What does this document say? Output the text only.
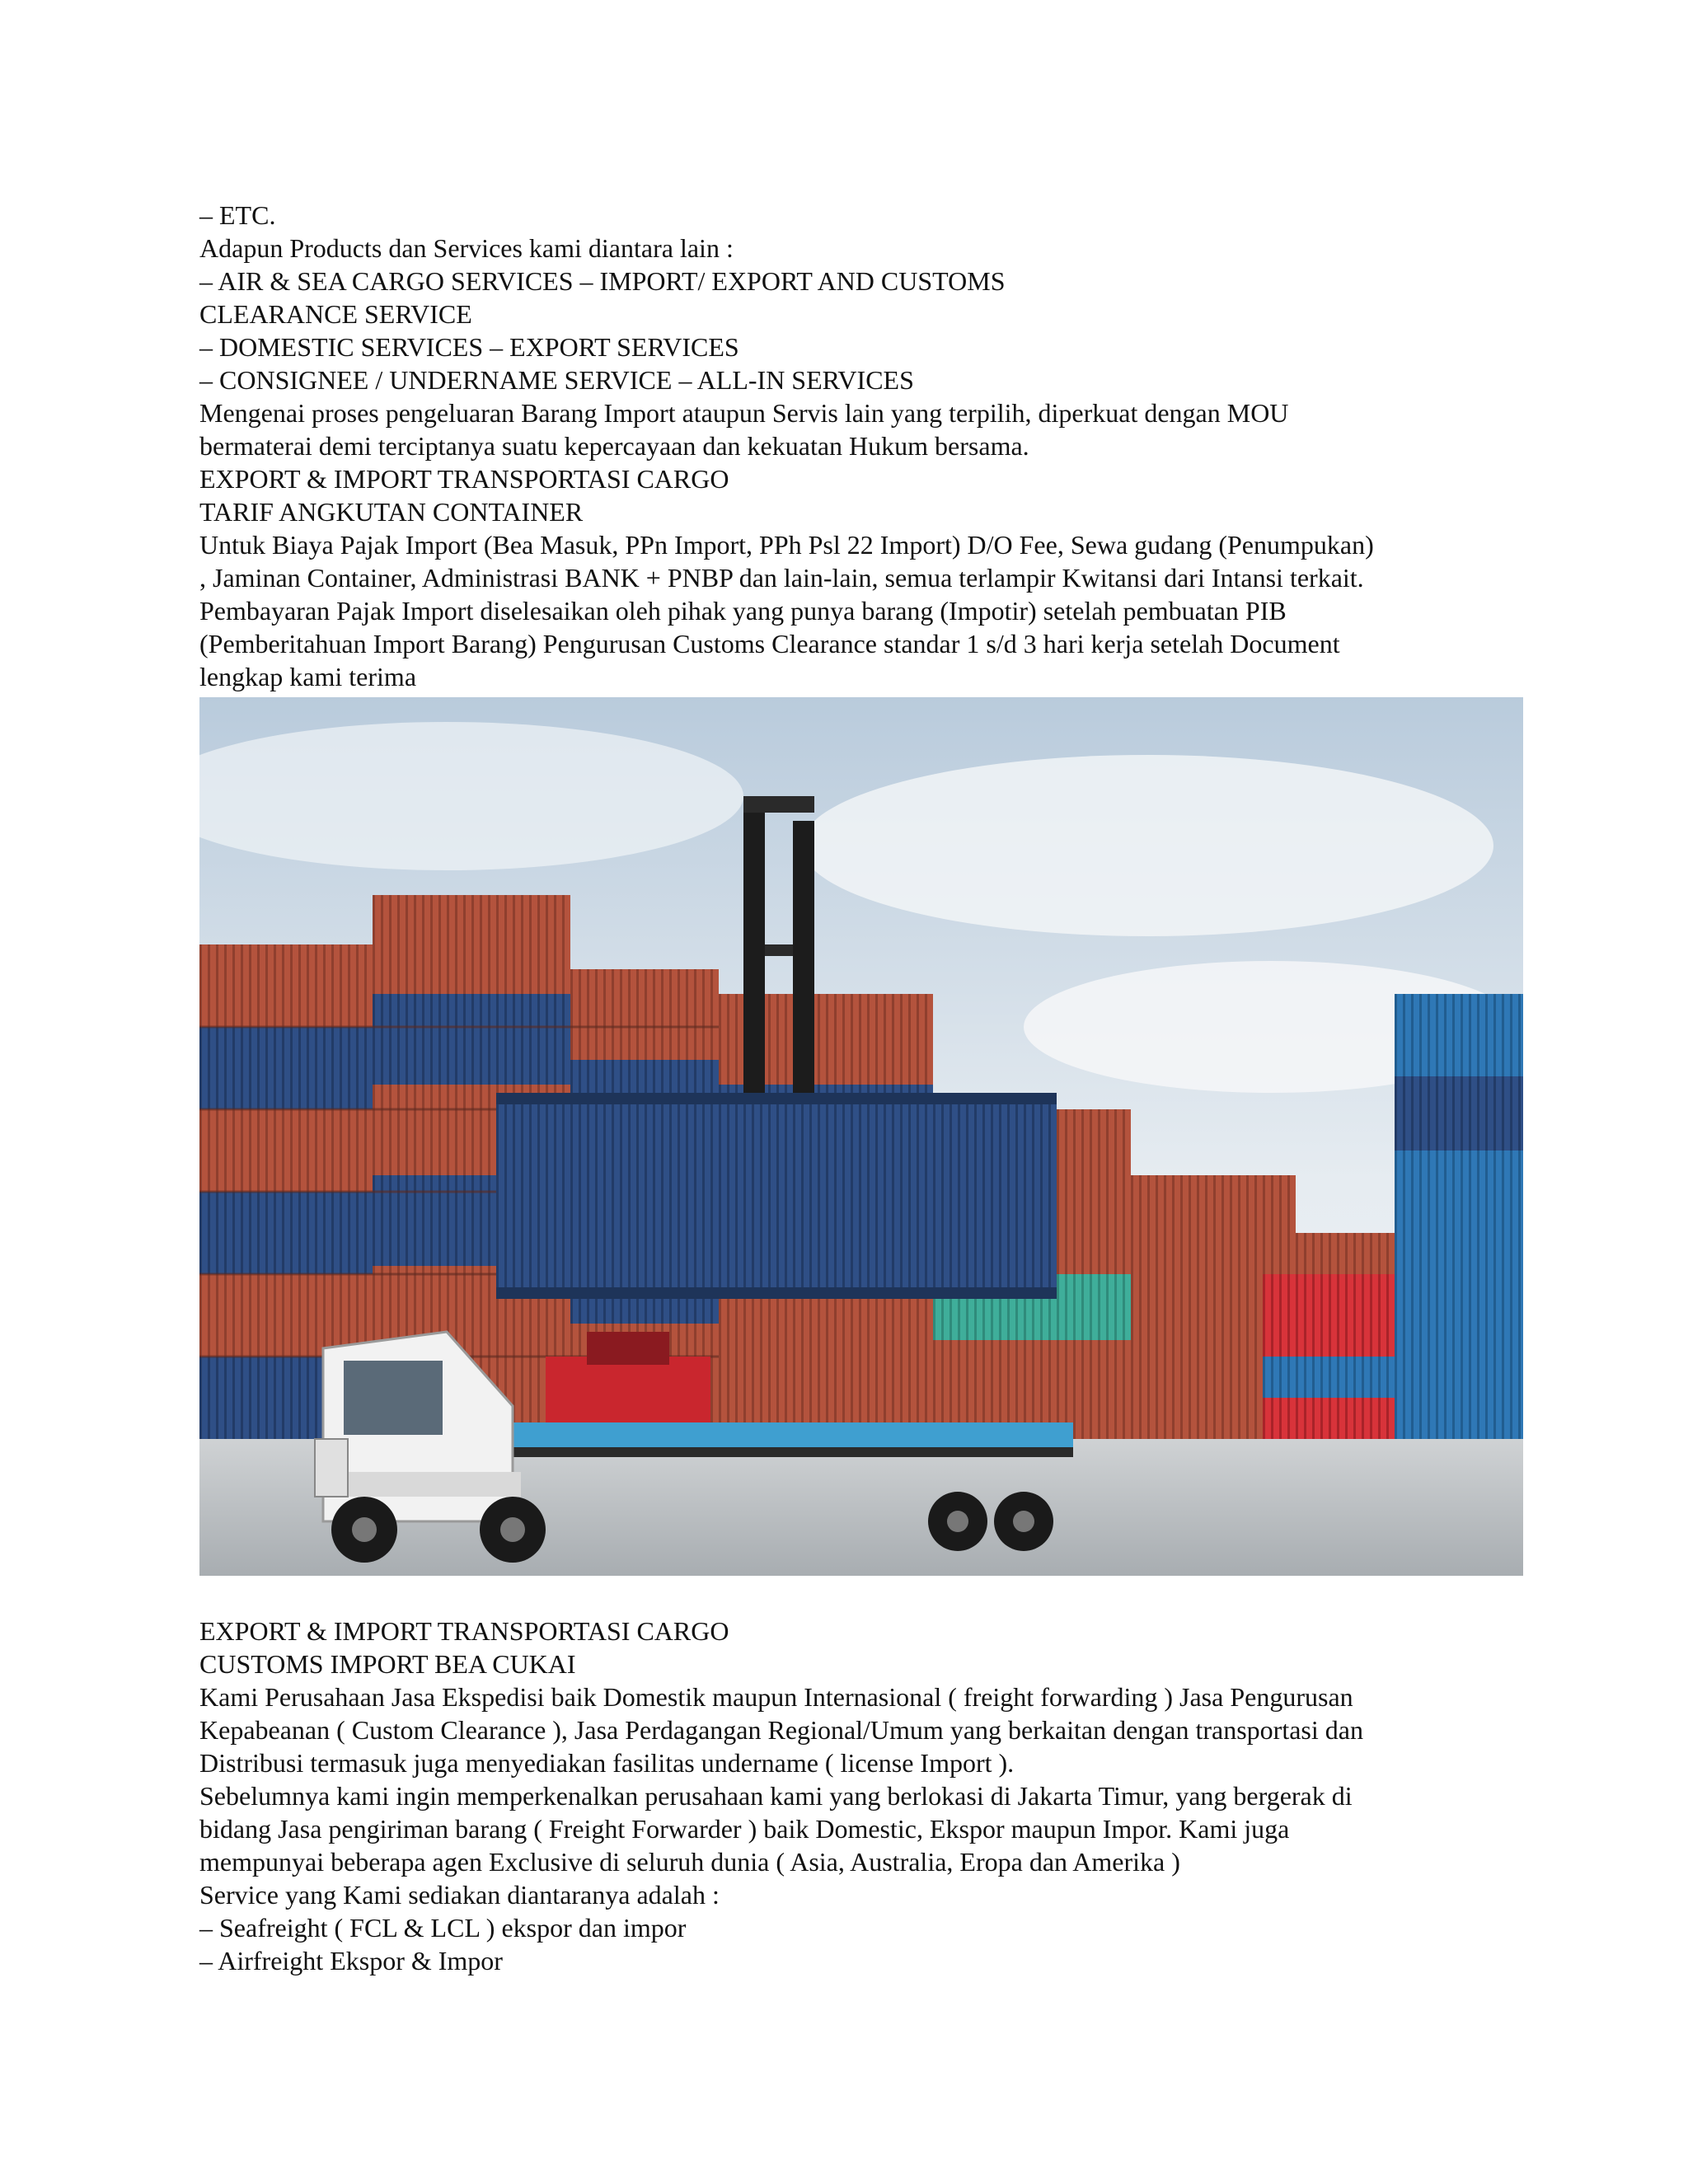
– ETC.

Adapun Products dan Services kami diantara lain :

– AIR & SEA CARGO SERVICES – IMPORT/ EXPORT AND CUSTOMS

CLEARANCE SERVICE

– DOMESTIC SERVICES – EXPORT SERVICES

– CONSIGNEE / UNDERNAME SERVICE – ALL-IN SERVICES

Mengenai proses pengeluaran Barang Import ataupun Servis lain yang terpilih, diperkuat dengan MOU

bermaterai demi terciptanya suatu kepercayaan dan kekuatan Hukum bersama.

EXPORT & IMPORT TRANSPORTASI CARGO

TARIF ANGKUTAN CONTAINER

Untuk Biaya Pajak Import (Bea Masuk, PPn Import, PPh Psl 22 Import) D/O Fee, Sewa gudang (Penumpukan)

, Jaminan Container, Administrasi BANK + PNBP dan lain-lain, semua terlampir Kwitansi dari Intansi terkait.

Pembayaran Pajak Import diselesaikan oleh pihak yang punya barang (Impotir) setelah pembuatan PIB

(Pemberitahuan Import Barang) Pengurusan Customs Clearance standar 1 s/d 3 hari kerja setelah Document

lengkap kami terima

EXPORT & IMPORT TRANSPORTASI CARGO

CUSTOMS IMPORT BEA CUKAI

Kami Perusahaan Jasa Ekspedisi baik Domestik maupun Internasional ( freight forwarding ) Jasa Pengurusan

Kepabeanan ( Custom Clearance ), Jasa Perdagangan Regional/Umum yang berkaitan dengan transportasi dan

Distribusi termasuk juga menyediakan fasilitas undername ( license Import ).

Sebelumnya kami ingin memperkenalkan perusahaan kami yang berlokasi di Jakarta Timur, yang bergerak di

bidang Jasa pengiriman barang ( Freight Forwarder ) baik Domestic, Ekspor maupun Impor. Kami juga

mempunyai beberapa agen Exclusive di seluruh dunia ( Asia, Australia, Eropa dan Amerika )

Service yang Kami sediakan diantaranya adalah :

– Seafreight ( FCL & LCL ) ekspor dan impor

– Airfreight Ekspor & Impor
